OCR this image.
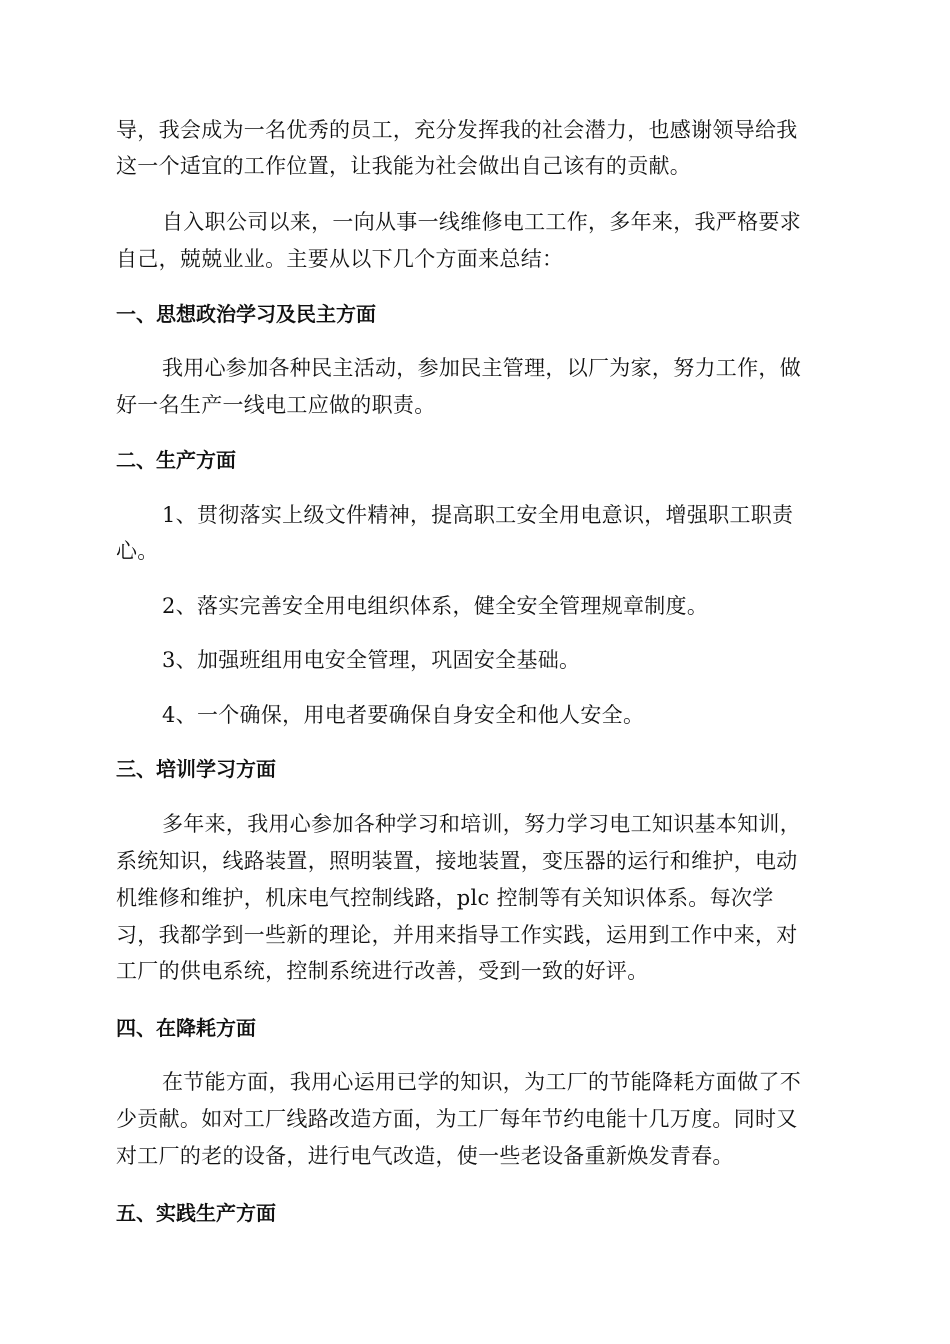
导，我会成为一名优秀的员工，充分发挥我的社会潜力，也感谢领导给我
这一个适宜的工作位置，让我能为社会做出自己该有的贡献。
自入职公司以来，一向从事一线维修电工工作，多年来，我严格要求
自己，兢兢业业。主要从以下几个方面来总结：
一、思想政治学习及民主方面
我用心参加各种民主活动，参加民主管理，以厂为家，努力工作，做
好一名生产一线电工应做的职责。
二、生产方面
1、贯彻落实上级文件精神，提高职工安全用电意识，增强职工职责
心。
2、落实完善安全用电组织体系，健全安全管理规章制度。
3、加强班组用电安全管理，巩固安全基础。
4、一个确保，用电者要确保自身安全和他人安全。
三、培训学习方面
多年来，我用心参加各种学习和培训，努力学习电工知识基本知训，
系统知识，线路装置，照明装置，接地装置，变压器的运行和维护，电动
机维修和维护，机床电气控制线路，plc 控制等有关知识体系。每次学
习，我都学到一些新的理论，并用来指导工作实践，运用到工作中来，对
工厂的供电系统，控制系统进行改善，受到一致的好评。
四、在降耗方面
在节能方面，我用心运用已学的知识，为工厂的节能降耗方面做了不
少贡献。如对工厂线路改造方面，为工厂每年节约电能十几万度。同时又
对工厂的老的设备，进行电气改造，使一些老设备重新焕发青春。
五、实践生产方面
